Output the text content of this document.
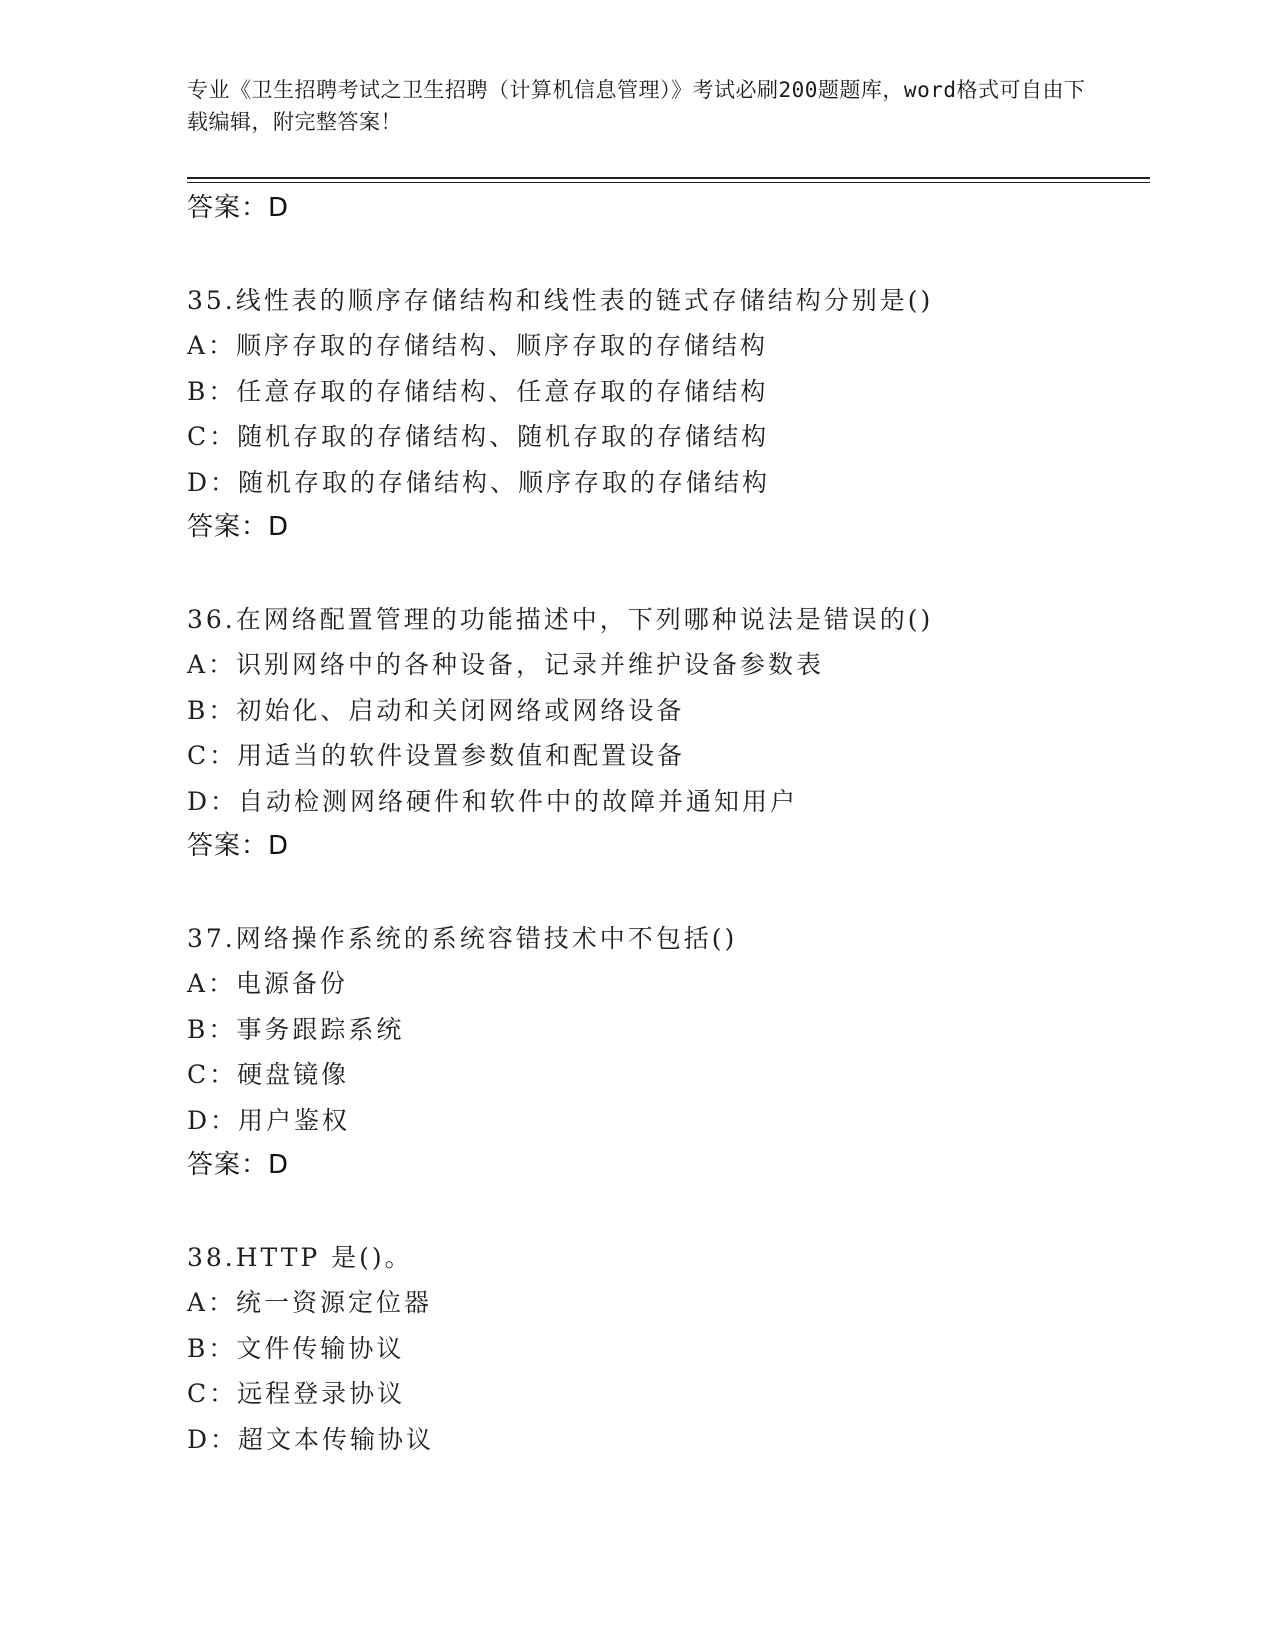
专业《卫生招聘考试之卫生招聘（计算机信息管理）》考试必刷200题题库，word格式可自由下载编辑，附完整答案！
答案：D
35.线性表的顺序存储结构和线性表的链式存储结构分别是()
A：顺序存取的存储结构、顺序存取的存储结构
B：任意存取的存储结构、任意存取的存储结构
C：随机存取的存储结构、随机存取的存储结构
D：随机存取的存储结构、顺序存取的存储结构
答案：D
36.在网络配置管理的功能描述中，下列哪种说法是错误的()
A：识别网络中的各种设备，记录并维护设备参数表
B：初始化、启动和关闭网络或网络设备
C：用适当的软件设置参数值和配置设备
D：自动检测网络硬件和软件中的故障并通知用户
答案：D
37.网络操作系统的系统容错技术中不包括()
A：电源备份
B：事务跟踪系统
C：硬盘镜像
D：用户鉴权
答案：D
38.HTTP 是()。
A：统一资源定位器
B：文件传输协议
C：远程登录协议
D：超文本传输协议
